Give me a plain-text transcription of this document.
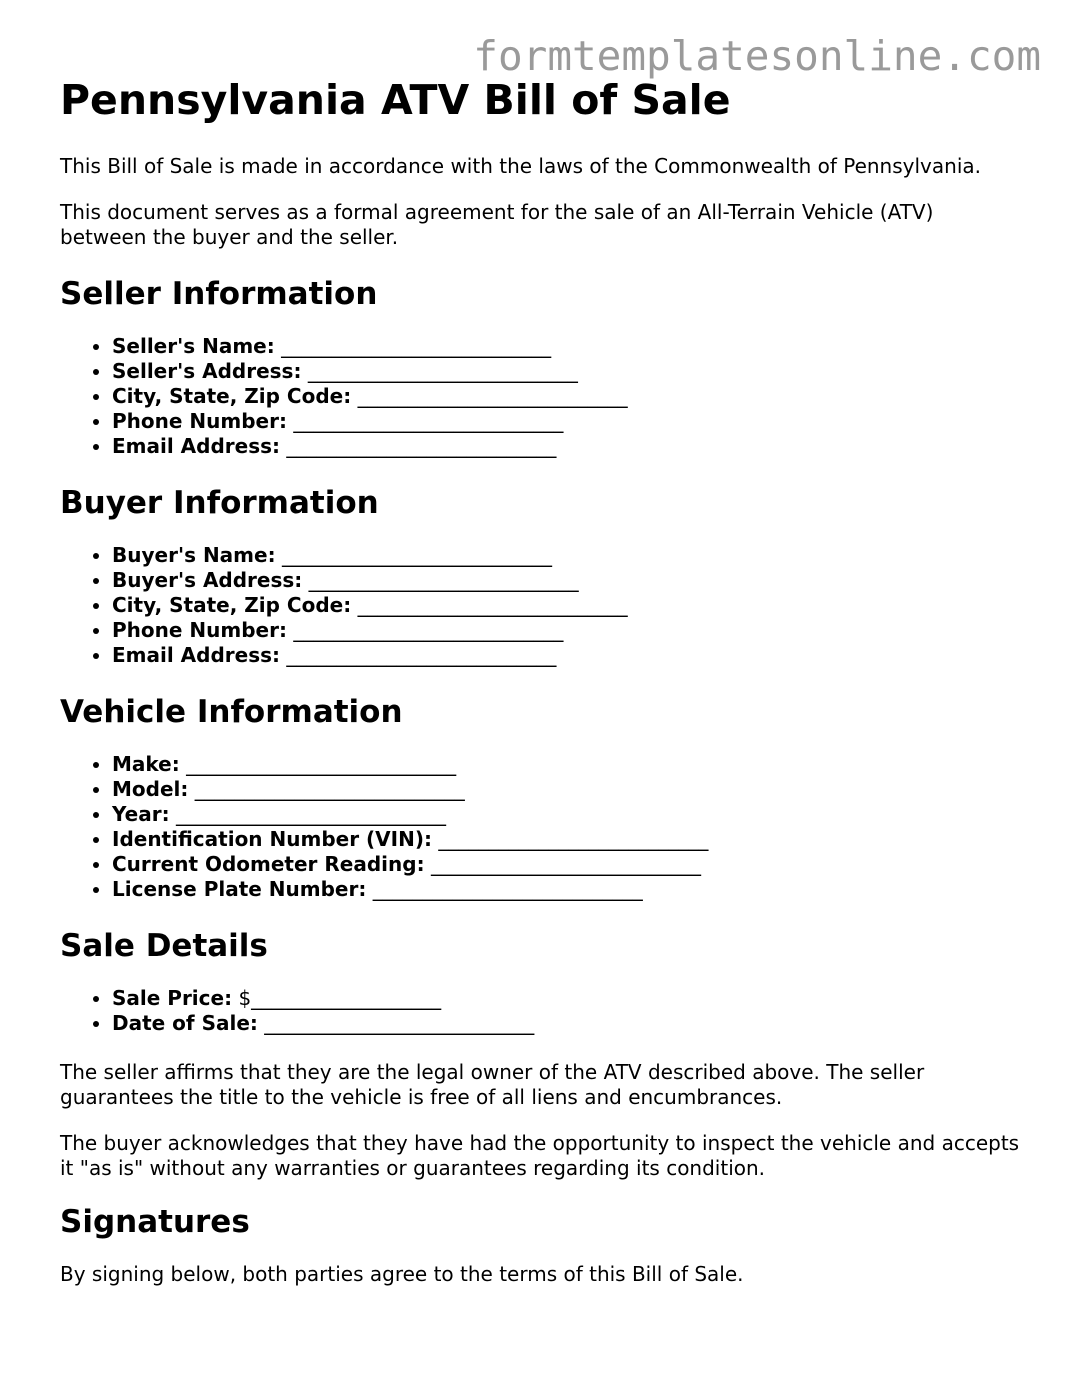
formtemplatesonline.com
Pennsylvania ATV Bill of Sale

This Bill of Sale is made in accordance with the laws of the Commonwealth of Pennsylvania.

This document serves as a formal agreement for the sale of an All-Terrain Vehicle (ATV) between the buyer and the seller.

Seller Information
• Seller's Name: ___________________________
• Seller's Address: ___________________________
• City, State, Zip Code: ___________________________
• Phone Number: ___________________________
• Email Address: ___________________________
Buyer Information
• Buyer's Name: ___________________________
• Buyer's Address: ___________________________
• City, State, Zip Code: ___________________________
• Phone Number: ___________________________
• Email Address: ___________________________
Vehicle Information
• Make: ___________________________
• Model: ___________________________
• Year: ___________________________
• Identification Number (VIN): ___________________________
• Current Odometer Reading: ___________________________
• License Plate Number: ___________________________
Sale Details
• Sale Price: $___________________
• Date of Sale: ___________________________

The seller affirms that they are the legal owner of the ATV described above. The seller guarantees the title to the vehicle is free of all liens and encumbrances.

The buyer acknowledges that they have had the opportunity to inspect the vehicle and accepts it "as is" without any warranties or guarantees regarding its condition.

Signatures

By signing below, both parties agree to the terms of this Bill of Sale.
